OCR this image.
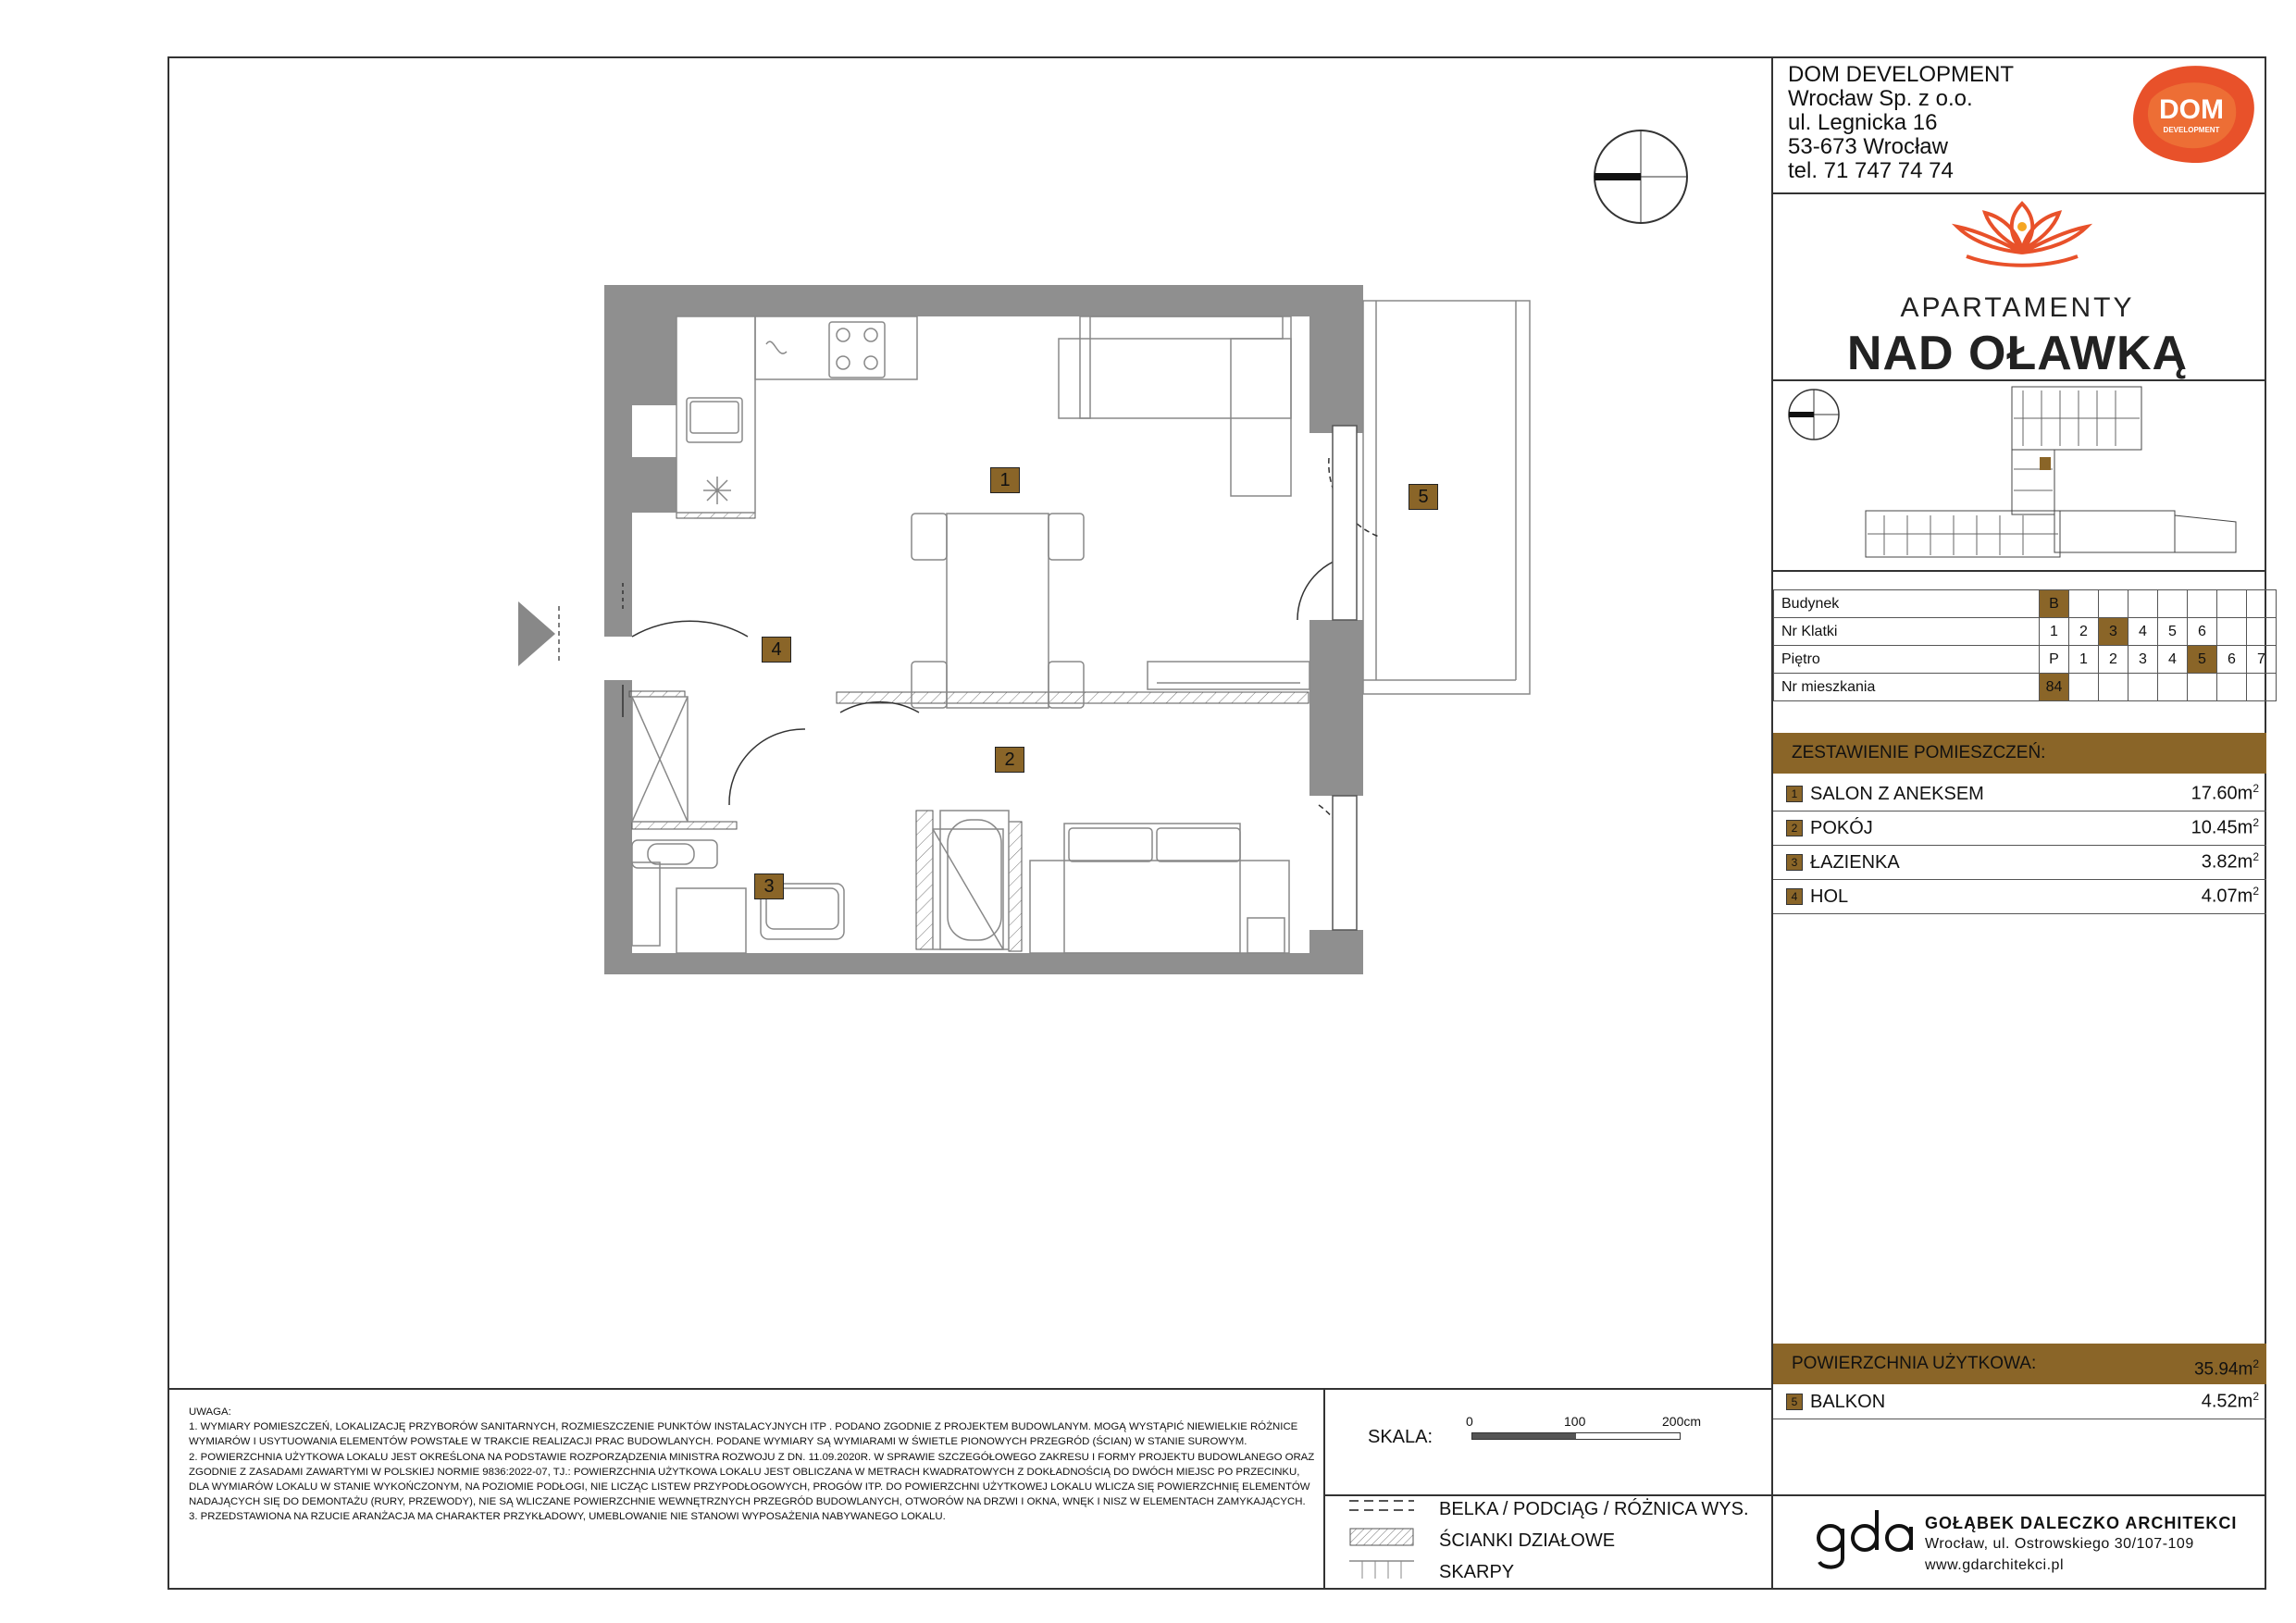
DOM DEVELOPMENT
Wrocław Sp. z o.o.
ul. Legnicka 16
53-673 Wrocław
tel. 71 747 74 74
DOM
DEVELOPMENT
APARTAMENTY
NAD OŁAWKĄ
Budynek	B							
Nr Klatki	1	2	3	4	5	6		
Piętro	P	1	2	3	4	5	6	7
Nr mieszkania	84							
ZESTAWIENIE POMIESZCZEŃ:
1 SALON Z ANEKSEM	$17.60m^2$
2 POKÓJ	$10.45m^2$
3 ŁAZIENKA	$3.82m^2$
4 HOL	$4.07m^2$
POWIERZCHNIA UŻYTKOWA:	$35.94m^2$
5 BALKON	$4.52m^2$
GOŁĄBEK DALECZKO ARCHITEKCI
Wrocław, ul. Ostrowskiego 30/107-109
www.gdarchitekci.pl

UWAGA:

1. WYMIARY POMIESZCZEŃ, LOKALIZACJĘ PRZYBORÓW SANITARNYCH, ROZMIESZCZENIE PUNKTÓW INSTALACYJNYCH ITP . PODANO ZGODNIE Z PROJEKTEM BUDOWLANYM. MOGĄ WYSTĄPIĆ NIEWIELKIE RÓŻNICE WYMIARÓW I USYTUOWANIA ELEMENTÓW POWSTAŁE W TRAKCIE REALIZACJI PRAC BUDOWLANYCH. PODANE WYMIARY SĄ WYMIARAMI W ŚWIETLE PIONOWYCH PRZEGRÓD (ŚCIAN) W STANIE SUROWYM.

2. POWIERZCHNIA UŻYTKOWA LOKALU JEST OKREŚLONA NA PODSTAWIE ROZPORZĄDZENIA MINISTRA ROZWOJU Z DN. 11.09.2020R. W SPRAWIE SZCZEGÓŁOWEGO ZAKRESU I FORMY PROJEKTU BUDOWLANEGO ORAZ ZGODNIE Z ZASADAMI ZAWARTYMI W POLSKIEJ NORMIE 9836:2022-07, TJ.: POWIERZCHNIA UŻYTKOWA LOKALU JEST OBLICZANA W METRACH KWADRATOWYCH Z DOKŁADNOŚCIĄ DO DWÓCH MIEJSC PO PRZECINKU, DLA WYMIARÓW LOKALU W STANIE WYKOŃCZONYM, NA POZIOMIE PODŁOGI, NIE LICZĄC LISTEW PRZYPODŁOGOWYCH, PROGÓW ITP. DO POWIERZCHNI UŻYTKOWEJ LOKALU WLICZA SIĘ POWIERZCHNIĘ ELEMENTÓW NADAJĄCYCH SIĘ DO DEMONTAŻU (RURY, PRZEWODY), NIE SĄ WLICZANE POWIERZCHNIE WEWNĘTRZNYCH PRZEGRÓD BUDOWLANYCH, OTWORÓW NA DRZWI I OKNA, WNĘK I NISZ W ELEMENTACH ZAMYKAJĄCYCH.

3. PRZEDSTAWIONA NA RZUCIE ARANŻACJA MA CHARAKTER PRZYKŁADOWY, UMEBLOWANIE NIE STANOWI WYPOSAŻENIA NABYWANEGO LOKALU.

SKALA:
0	100	200cm
BELKA / PODCIĄG / RÓŻNICA WYS.
ŚCIANKI DZIAŁOWE
SKARPY
1
2
3
4
5
